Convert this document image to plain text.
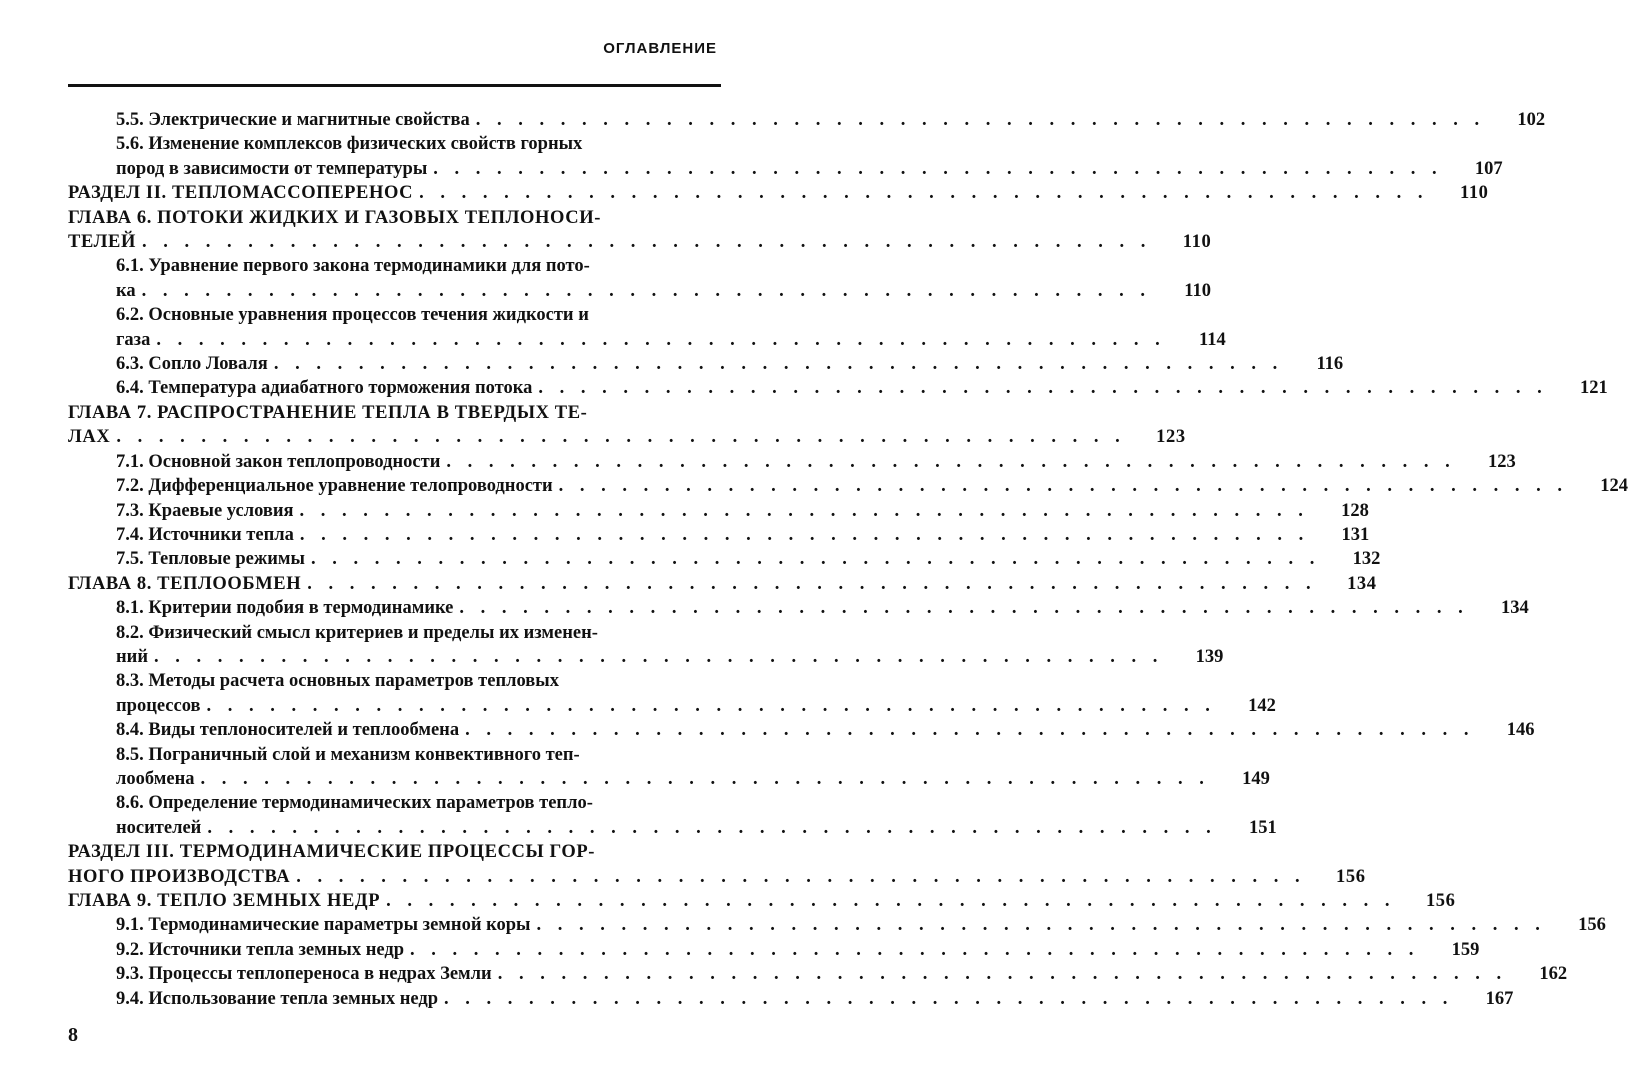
ОГЛАВЛЕНИЕ
5.5. Электрические и магнитные свойства . . . . . . . . . . . . . . . . . . . . . . . . . . . . . . . . . . . . . . . . . . . . . . . .	102
5.6. Изменение комплексов физических свойств горных
пород в зависимости от температуры . . . . . . . . . . . . . . . . . . . . . . . . . . . . . . . . . . . . . . . . . . . . . . . .	107
РАЗДЕЛ II. ТЕПЛОМАССОПЕРЕНОС . . . . . . . . . . . . . . . . . . . . . . . . . . . . . . . . . . . . . . . . . . . . . . . .	110
ГЛАВА 6. ПОТОКИ ЖИДКИХ И ГАЗОВЫХ ТЕПЛОНОСИ-
ТЕЛЕЙ . . . . . . . . . . . . . . . . . . . . . . . . . . . . . . . . . . . . . . . . . . . . . . . .	110
6.1. Уравнение первого закона термодинамики для пото-
ка . . . . . . . . . . . . . . . . . . . . . . . . . . . . . . . . . . . . . . . . . . . . . . . .	110
6.2. Основные уравнения процессов течения жидкости и
газа . . . . . . . . . . . . . . . . . . . . . . . . . . . . . . . . . . . . . . . . . . . . . . . .	114
6.3. Сопло Ловаля . . . . . . . . . . . . . . . . . . . . . . . . . . . . . . . . . . . . . . . . . . . . . . . .	116
6.4. Температура адиабатного торможения потока . . . . . . . . . . . . . . . . . . . . . . . . . . . . . . . . . . . . . . . . . . . . . . . .	121
ГЛАВА 7. РАСПРОСТРАНЕНИЕ ТЕПЛА В ТВЕРДЫХ ТЕ-
ЛАХ . . . . . . . . . . . . . . . . . . . . . . . . . . . . . . . . . . . . . . . . . . . . . . . .	123
7.1. Основной закон теплопроводности . . . . . . . . . . . . . . . . . . . . . . . . . . . . . . . . . . . . . . . . . . . . . . . .	123
7.2. Дифференциальное уравнение телопроводности . . . . . . . . . . . . . . . . . . . . . . . . . . . . . . . . . . . . . . . . . . . . . . . .	124
7.3. Краевые условия . . . . . . . . . . . . . . . . . . . . . . . . . . . . . . . . . . . . . . . . . . . . . . . .	128
7.4. Источники тепла . . . . . . . . . . . . . . . . . . . . . . . . . . . . . . . . . . . . . . . . . . . . . . . .	131
7.5. Тепловые режимы . . . . . . . . . . . . . . . . . . . . . . . . . . . . . . . . . . . . . . . . . . . . . . . .	132
ГЛАВА 8. ТЕПЛООБМЕН . . . . . . . . . . . . . . . . . . . . . . . . . . . . . . . . . . . . . . . . . . . . . . . .	134
8.1. Критерии подобия в термодинамике . . . . . . . . . . . . . . . . . . . . . . . . . . . . . . . . . . . . . . . . . . . . . . . .	134
8.2. Физический смысл критериев и пределы их изменен-
ний . . . . . . . . . . . . . . . . . . . . . . . . . . . . . . . . . . . . . . . . . . . . . . . .	139
8.3. Методы расчета основных параметров тепловых
процессов . . . . . . . . . . . . . . . . . . . . . . . . . . . . . . . . . . . . . . . . . . . . . . . .	142
8.4. Виды теплоносителей и теплообмена . . . . . . . . . . . . . . . . . . . . . . . . . . . . . . . . . . . . . . . . . . . . . . . .	146
8.5. Пограничный слой и механизм конвективного теп-
лообмена . . . . . . . . . . . . . . . . . . . . . . . . . . . . . . . . . . . . . . . . . . . . . . . .	149
8.6. Определение термодинамических параметров тепло-
носителей . . . . . . . . . . . . . . . . . . . . . . . . . . . . . . . . . . . . . . . . . . . . . . . .	151
РАЗДЕЛ III. ТЕРМОДИНАМИЧЕСКИЕ ПРОЦЕССЫ ГОР-
НОГО ПРОИЗВОДСТВА . . . . . . . . . . . . . . . . . . . . . . . . . . . . . . . . . . . . . . . . . . . . . . . .	156
ГЛАВА 9. ТЕПЛО ЗЕМНЫХ НЕДР . . . . . . . . . . . . . . . . . . . . . . . . . . . . . . . . . . . . . . . . . . . . . . . .	156
9.1. Термодинамические параметры земной коры . . . . . . . . . . . . . . . . . . . . . . . . . . . . . . . . . . . . . . . . . . . . . . . .	156
9.2. Источники тепла земных недр . . . . . . . . . . . . . . . . . . . . . . . . . . . . . . . . . . . . . . . . . . . . . . . .	159
9.3. Процессы теплопереноса в недрах Земли . . . . . . . . . . . . . . . . . . . . . . . . . . . . . . . . . . . . . . . . . . . . . . . .	162
9.4. Использование тепла земных недр . . . . . . . . . . . . . . . . . . . . . . . . . . . . . . . . . . . . . . . . . . . . . . . .	167
8
